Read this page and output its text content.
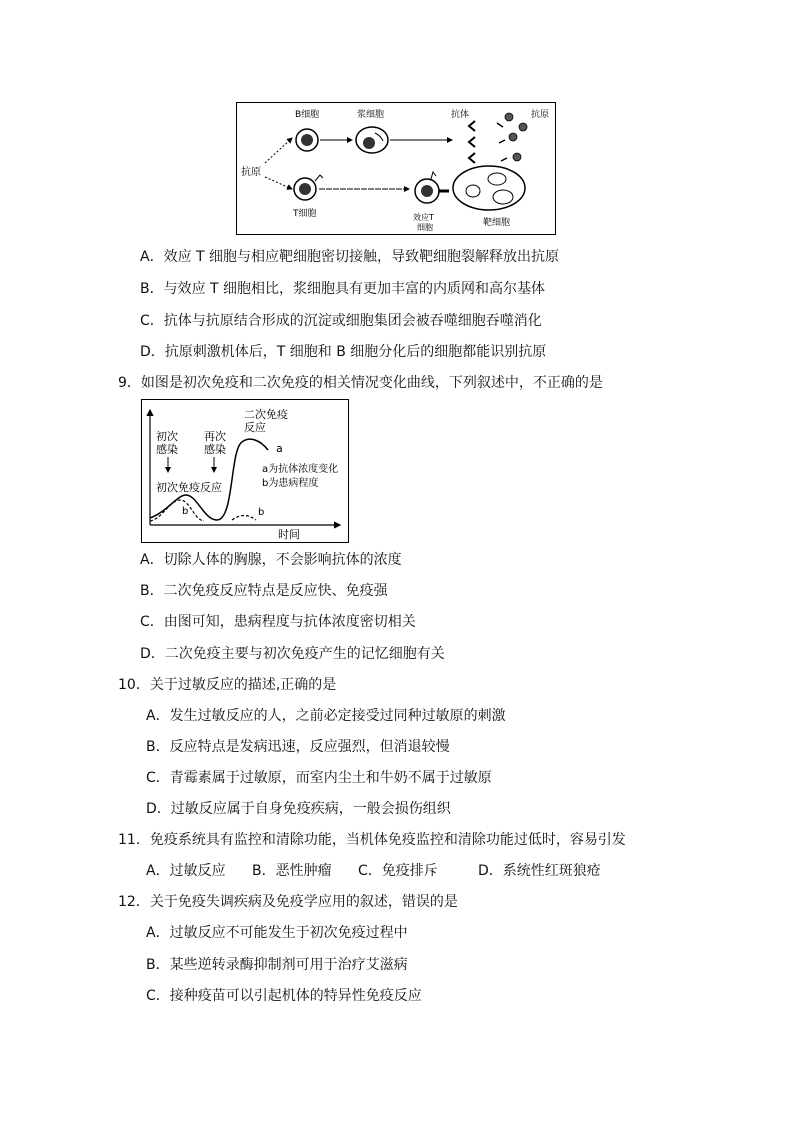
抗原
B细胞	浆细胞	抗体	抗原
T细胞	效应T
细胞	靶细胞
A．效应 T 细胞与相应靶细胞密切接触，导致靶细胞裂解释放出抗原
B．与效应 T 细胞相比，浆细胞具有更加丰富的内质网和高尔基体
C．抗体与抗原结合形成的沉淀或细胞集团会被吞噬细胞吞噬消化
D．抗原刺激机体后，T 细胞和 B 细胞分化后的细胞都能识别抗原
9．如图是初次免疫和二次免疫的相关情况变化曲线，下列叙述中，不正确的是
时间
初次
感染
再次
感染
二次免疫
反应
初次免疫反应
a
b	b
a为抗体浓度变化
b为患病程度
A．切除人体的胸腺，不会影响抗体的浓度
B．二次免疫反应特点是反应快、免疫强
C．由图可知，患病程度与抗体浓度密切相关
D．二次免疫主要与初次免疫产生的记忆细胞有关
10．关于过敏反应的描述,正确的是
A．发生过敏反应的人，之前必定接受过同种过敏原的刺激
B．反应特点是发病迅速，反应强烈，但消退较慢
C．青霉素属于过敏原，而室内尘土和牛奶不属于过敏原
D．过敏反应属于自身免疫疾病，一般会损伤组织
11．免疫系统具有监控和清除功能，当机体免疫监控和清除功能过低时，容易引发
A．过敏反应 B．恶性肿瘤 C．免疫排斥	D．系统性红斑狼疮
12．关于免疫失调疾病及免疫学应用的叙述，错误的是
A．过敏反应不可能发生于初次免疫过程中
B．某些逆转录酶抑制剂可用于治疗艾滋病
C．接种疫苗可以引起机体的特异性免疫反应
